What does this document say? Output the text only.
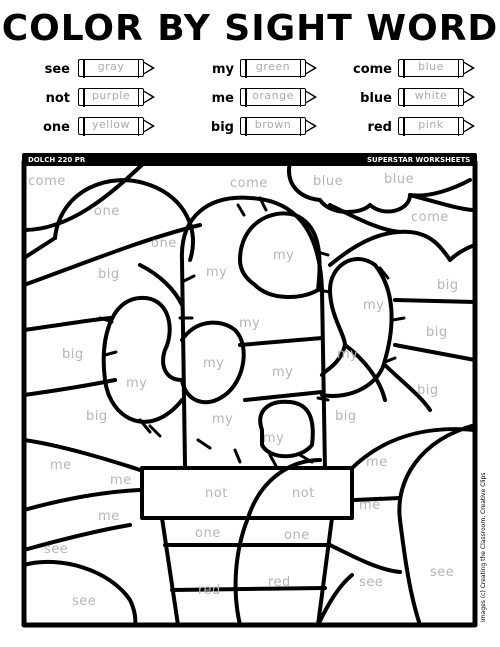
COLOR BY SIGHT WORD
see	gray
not	purple
one	yellow
my	green
me	orange
big	brown
come	blue
blue	white
red	pink
DOLCH 220 PR	SUPERSTAR WORKSHEETS
come	come	blue	blue
come
one
one
my
my
big
my
big
my
big
my
my
my
big
my
big	my
my
big
big
me
me
me
me
not	not
me
one	one
see
see
red
red	see
see	Images (c) Creating the Classroom, Creative Clips
